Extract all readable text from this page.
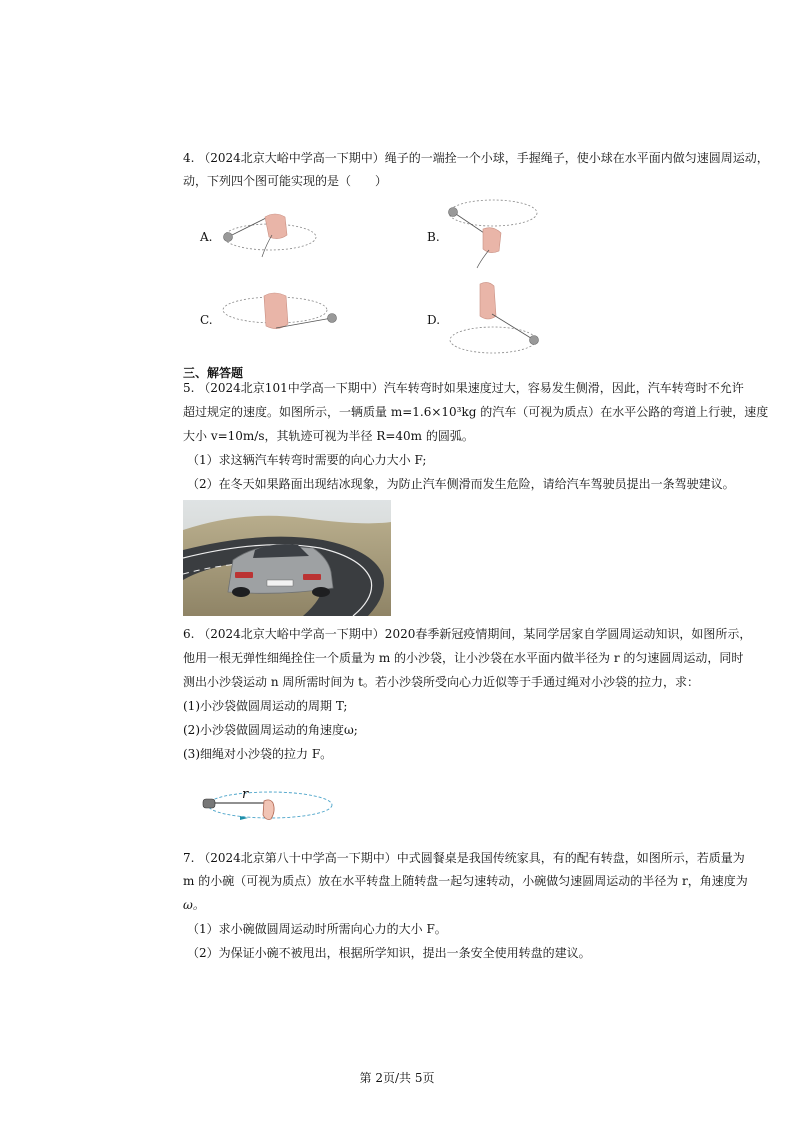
4. （2024北京大峪中学高一下期中）绳子的一端拴一个小球，手握绳子，使小球在水平面内做匀速圆周运动，
动，下列四个图可能实现的是（　　）
A.	B.
C.	D.
三、解答题
5. （2024北京101中学高一下期中）汽车转弯时如果速度过大，容易发生侧滑，因此，汽车转弯时不允许
超过规定的速度。如图所示，一辆质量 m=1.6×10³kg 的汽车（可视为质点）在水平公路的弯道上行驶，速度
大小 v=10m/s，其轨迹可视为半径 R=40m 的圆弧。
（1）求这辆汽车转弯时需要的向心力大小 F;
（2）在冬天如果路面出现结冰现象，为防止汽车侧滑而发生危险，请给汽车驾驶员提出一条驾驶建议。
6. （2024北京大峪中学高一下期中）2020春季新冠疫情期间，某同学居家自学圆周运动知识，如图所示，
他用一根无弹性细绳拴住一个质量为 m 的小沙袋，让小沙袋在水平面内做半径为 r 的匀速圆周运动，同时
测出小沙袋运动 n 周所需时间为 t。若小沙袋所受向心力近似等于手通过绳对小沙袋的拉力，求：
(1)小沙袋做圆周运动的周期 T;
(2)小沙袋做圆周运动的角速度ω;
(3)细绳对小沙袋的拉力 F。
r
7. （2024北京第八十中学高一下期中）中式圆餐桌是我国传统家具，有的配有转盘，如图所示，若质量为
m 的小碗（可视为质点）放在水平转盘上随转盘一起匀速转动，小碗做匀速圆周运动的半径为 r，角速度为
ω。
（1）求小碗做圆周运动时所需向心力的大小 F。
（2）为保证小碗不被甩出，根据所学知识，提出一条安全使用转盘的建议。
第 2页/共 5页
